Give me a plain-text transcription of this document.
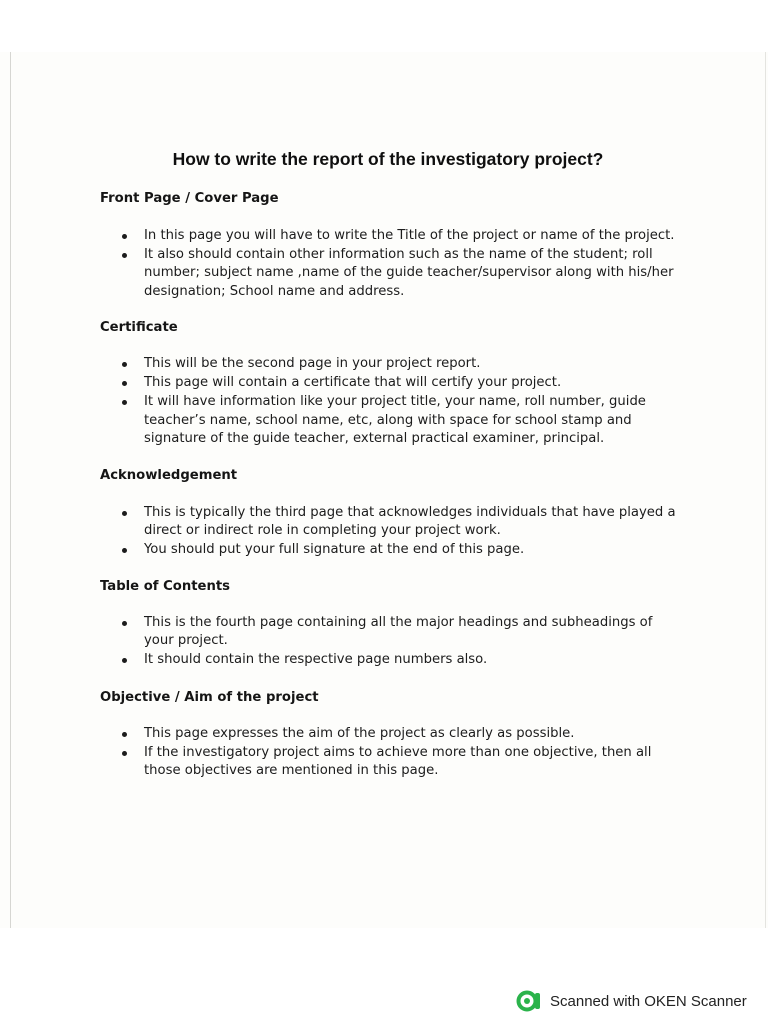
How to write the report of the investigatory project?
Front Page / Cover Page
In this page you will have to write the Title of the project or name of the project.
It also should contain other information such as the name of the student; roll number; subject name ,name of the guide teacher/supervisor along with his/her designation; School name and address.
Certificate
This will be the second page in your project report.
This page will contain a certificate that will certify your project.
It will have information like your project title, your name, roll number, guide teacher’s name, school name, etc, along with space for school stamp and signature of the guide teacher, external practical examiner, principal.
Acknowledgement
This is typically the third page that acknowledges individuals that have played a direct or indirect role in completing your project work.
You should put your full signature at the end of this page.
Table of Contents
This is the fourth page containing all the major headings and subheadings of your project.
It should contain the respective page numbers also.
Objective / Aim of the project
This page expresses the aim of the project as clearly as possible.
If the investigatory project aims to achieve more than one objective, then all those objectives are mentioned in this page.
Scanned with OKEN Scanner
